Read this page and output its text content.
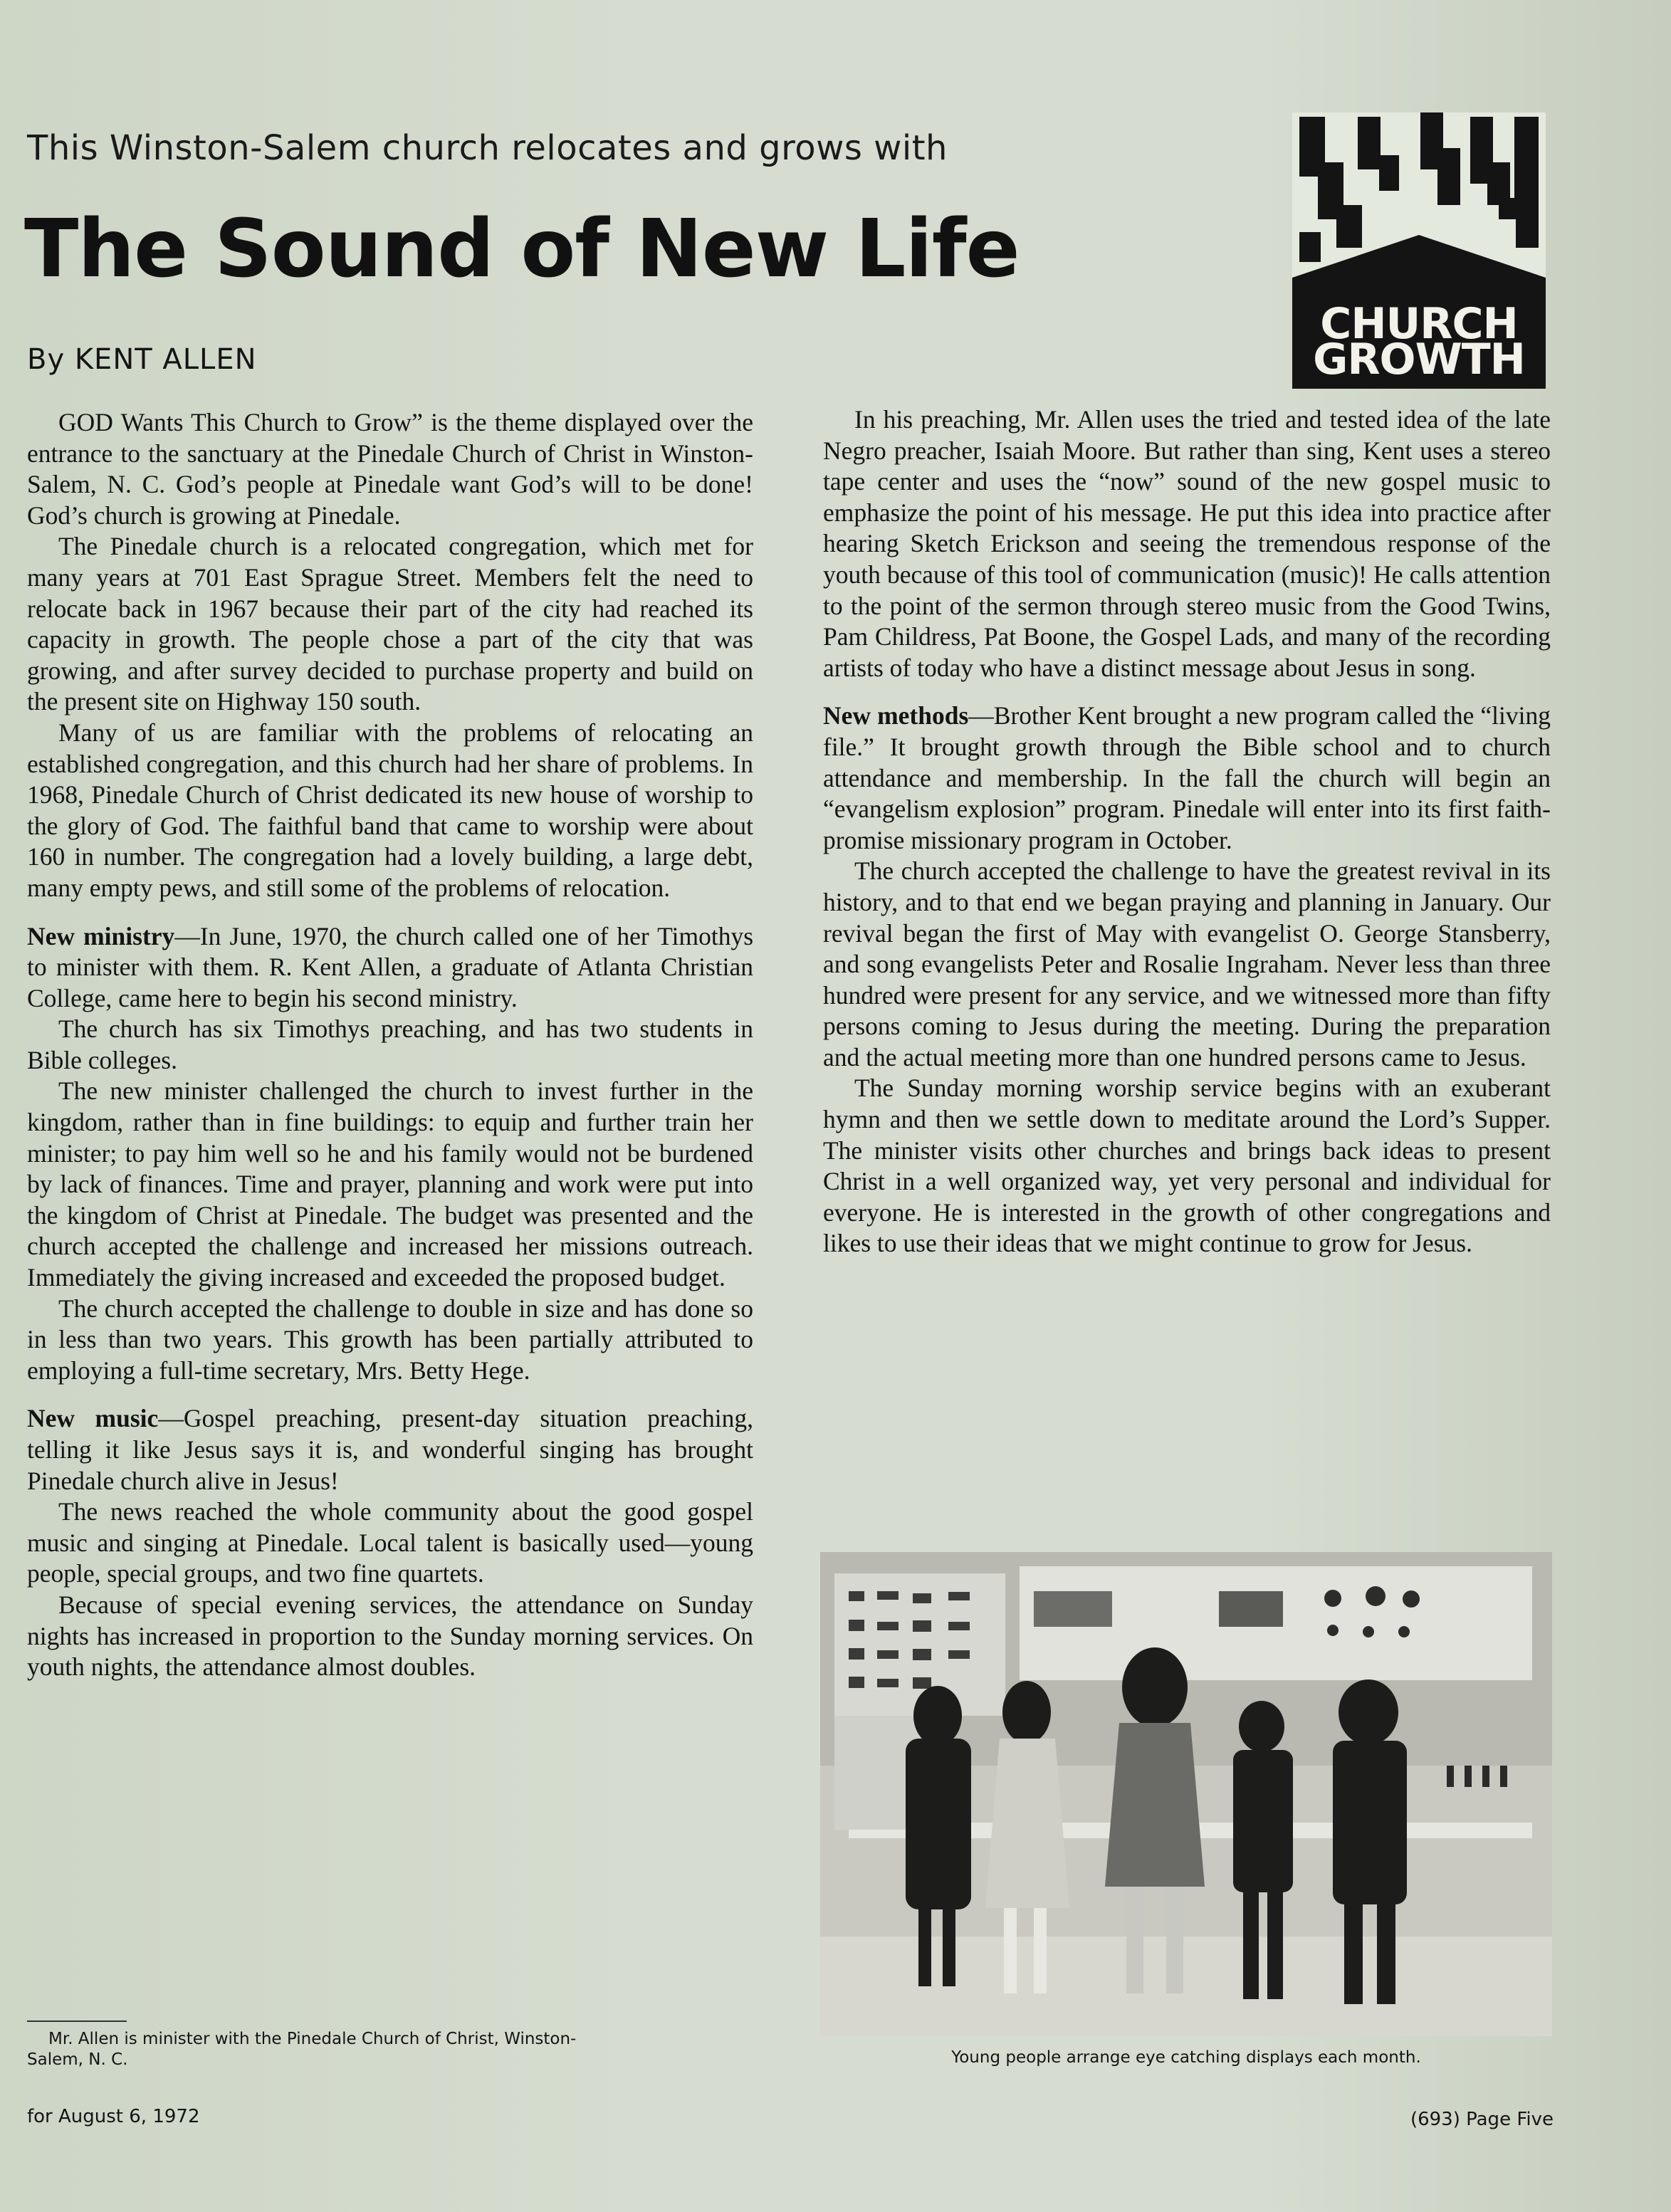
This Winston-Salem church relocates and grows with
The Sound of New Life
By KENT ALLEN
CHURCH
GROWTH

GOD Wants This Church to Grow” is the theme displayed over the entrance to the sanctuary at the Pinedale Church of Christ in Winston-Salem, N. C. God’s people at Pinedale want God’s will to be done! God’s church is growing at Pinedale.

The Pinedale church is a relocated congregation, which met for many years at 701 East Sprague Street. Members felt the need to relocate back in 1967 because their part of the city had reached its capacity in growth. The people chose a part of the city that was growing, and after survey decided to purchase property and build on the present site on Highway 150 south.

Many of us are familiar with the problems of relocating an established congregation, and this church had her share of problems. In 1968, Pinedale Church of Christ dedicated its new house of worship to the glory of God. The faithful band that came to worship were about 160 in number. The congregation had a lovely building, a large debt, many empty pews, and still some of the problems of relocation.

New ministry—In June, 1970, the church called one of her Timothys to minister with them. R. Kent Allen, a graduate of Atlanta Christian College, came here to begin his second ministry.

The church has six Timothys preaching, and has two students in Bible colleges.

The new minister challenged the church to invest further in the kingdom, rather than in fine buildings: to equip and further train her minister; to pay him well so he and his family would not be burdened by lack of finances. Time and prayer, planning and work were put into the kingdom of Christ at Pinedale. The budget was presented and the church accepted the challenge and increased her missions outreach. Immediately the giving increased and exceeded the proposed budget.

The church accepted the challenge to double in size and has done so in less than two years. This growth has been partially attributed to employing a full-time secretary, Mrs. Betty Hege.

New music—Gospel preaching, present-day situation preaching, telling it like Jesus says it is, and wonderful singing has brought Pinedale church alive in Jesus!

The news reached the whole community about the good gospel music and singing at Pinedale. Local talent is basically used—young people, special groups, and two fine quartets.

Because of special evening services, the attendance on Sunday nights has increased in proportion to the Sunday morning services. On youth nights, the attendance almost doubles.

Mr. Allen is minister with the Pinedale Church of Christ, Winston-
Salem, N. C.

In his preaching, Mr. Allen uses the tried and tested idea of the late Negro preacher, Isaiah Moore. But rather than sing, Kent uses a stereo tape center and uses the “now” sound of the new gospel music to emphasize the point of his message. He put this idea into practice after hearing Sketch Erickson and seeing the tremendous response of the youth because of this tool of communication (music)! He calls attention to the point of the sermon through stereo music from the Good Twins, Pam Childress, Pat Boone, the Gospel Lads, and many of the recording artists of today who have a distinct message about Jesus in song.

New methods—Brother Kent brought a new program called the “living file.” It brought growth through the Bible school and to church attendance and membership. In the fall the church will begin an “evangelism explosion” program. Pinedale will enter into its first faith-promise missionary program in October.

The church accepted the challenge to have the greatest revival in its history, and to that end we began praying and planning in January. Our revival began the first of May with evangelist O. George Stansberry, and song evangelists Peter and Rosalie Ingraham. Never less than three hundred were present for any service, and we witnessed more than fifty persons coming to Jesus during the meeting. During the preparation and the actual meeting more than one hundred persons came to Jesus.

The Sunday morning worship service begins with an exuberant hymn and then we settle down to meditate around the Lord’s Supper. The minister visits other churches and brings back ideas to present Christ in a well organized way, yet very personal and individual for everyone. He is interested in the growth of other congregations and likes to use their ideas that we might continue to grow for Jesus.

Young people arrange eye catching displays each month.
for August 6, 1972	(693) Page Five
